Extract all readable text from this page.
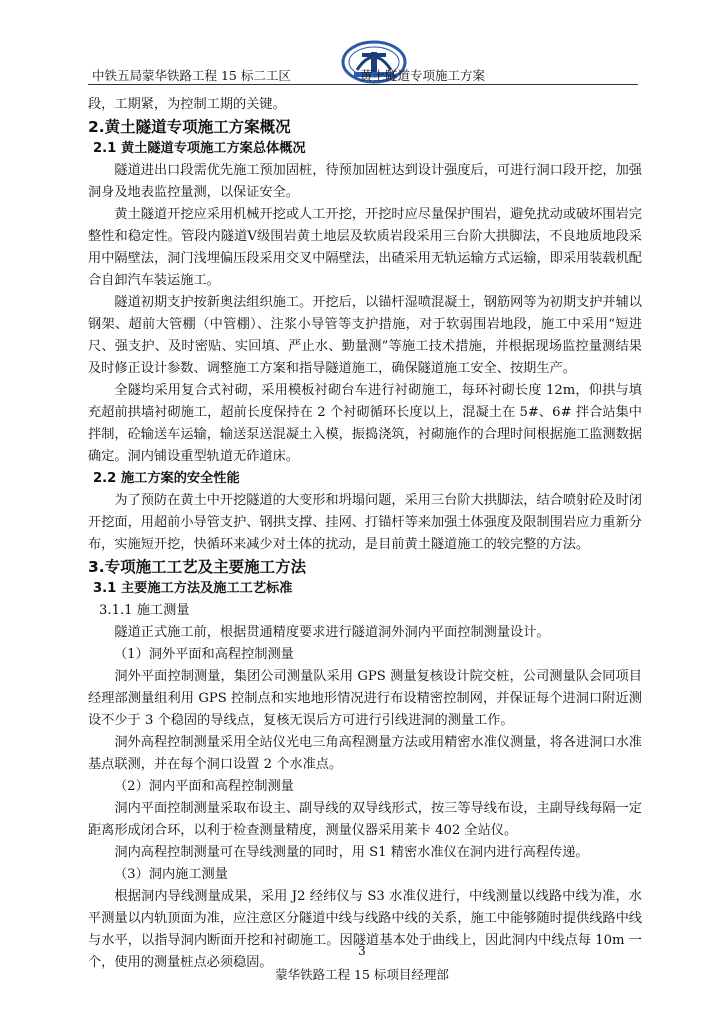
中铁五局蒙华铁路工程 15 标二工区	黄土隧道专项施工方案

段，工期紧，为控制工期的关键。

2.黄土隧道专项施工方案概况

2.1 黄土隧道专项施工方案总体概况

隧道进出口段需优先施工预加固桩，待预加固桩达到设计强度后，可进行洞口段开挖，加强洞身及地表监控量测，以保证安全。

黄土隧道开挖应采用机械开挖或人工开挖，开挖时应尽量保护围岩，避免扰动或破坏围岩完整性和稳定性。管段内隧道Ⅴ级围岩黄土地层及软质岩段采用三台阶大拱脚法，不良地质地段采用中隔壁法，洞门浅埋偏压段采用交叉中隔壁法，出碴采用无轨运输方式运输，即采用装载机配合自卸汽车装运施工。

隧道初期支护按新奥法组织施工。开挖后，以锚杆湿喷混凝土，钢筋网等为初期支护并辅以钢架、超前大管棚（中管棚）、注浆小导管等支护措施，对于软弱围岩地段，施工中采用“短进尺、强支护、及时密贴、实回填、严止水、勤量测”等施工技术措施，并根据现场监控量测结果及时修正设计参数、调整施工方案和指导隧道施工，确保隧道施工安全、按期生产。

全隧均采用复合式衬砌，采用模板衬砌台车进行衬砌施工，每环衬砌长度 12m，仰拱与填充超前拱墙衬砌施工，超前长度保持在 2 个衬砌循环长度以上，混凝土在 5#、6# 拌合站集中拌制，砼输送车运输，输送泵送混凝土入模，振捣浇筑，衬砌施作的合理时间根据施工监测数据确定。洞内铺设重型轨道无砟道床。

2.2 施工方案的安全性能

为了预防在黄土中开挖隧道的大变形和坍塌问题，采用三台阶大拱脚法，结合喷射砼及时闭开挖面，用超前小导管支护、钢拱支撑、挂网、打锚杆等来加强土体强度及限制围岩应力重新分布，实施短开挖，快循环来减少对土体的扰动，是目前黄土隧道施工的较完整的方法。

3.专项施工工艺及主要施工方法

3.1 主要施工方法及施工工艺标准

3.1.1 施工测量

隧道正式施工前，根据贯通精度要求进行隧道洞外洞内平面控制测量设计。

（1）洞外平面和高程控制测量

洞外平面控制测量，集团公司测量队采用 GPS 测量复核设计院交桩，公司测量队会同项目经理部测量组利用 GPS 控制点和实地地形情况进行布设精密控制网，并保证每个进洞口附近测设不少于 3 个稳固的导线点，复核无误后方可进行引线进洞的测量工作。

洞外高程控制测量采用全站仪光电三角高程测量方法或用精密水准仪测量，将各进洞口水准基点联测，并在每个洞口设置 2 个水准点。

（2）洞内平面和高程控制测量

洞内平面控制测量采取布设主、副导线的双导线形式，按三等导线布设，主副导线每隔一定距离形成闭合环，以利于检查测量精度，测量仪器采用莱卡 402 全站仪。

洞内高程控制测量可在导线测量的同时，用 S1 精密水准仪在洞内进行高程传递。

（3）洞内施工测量

根据洞内导线测量成果，采用 J2 经纬仪与 S3 水准仪进行，中线测量以线路中线为准，水平测量以内轨顶面为准，应注意区分隧道中线与线路中线的关系，施工中能够随时提供线路中线与水平，以指导洞内断面开挖和衬砌施工。因隧道基本处于曲线上，因此洞内中线点每 10m 一个，使用的测量桩点必须稳固。

3
蒙华铁路工程 15 标项目经理部
